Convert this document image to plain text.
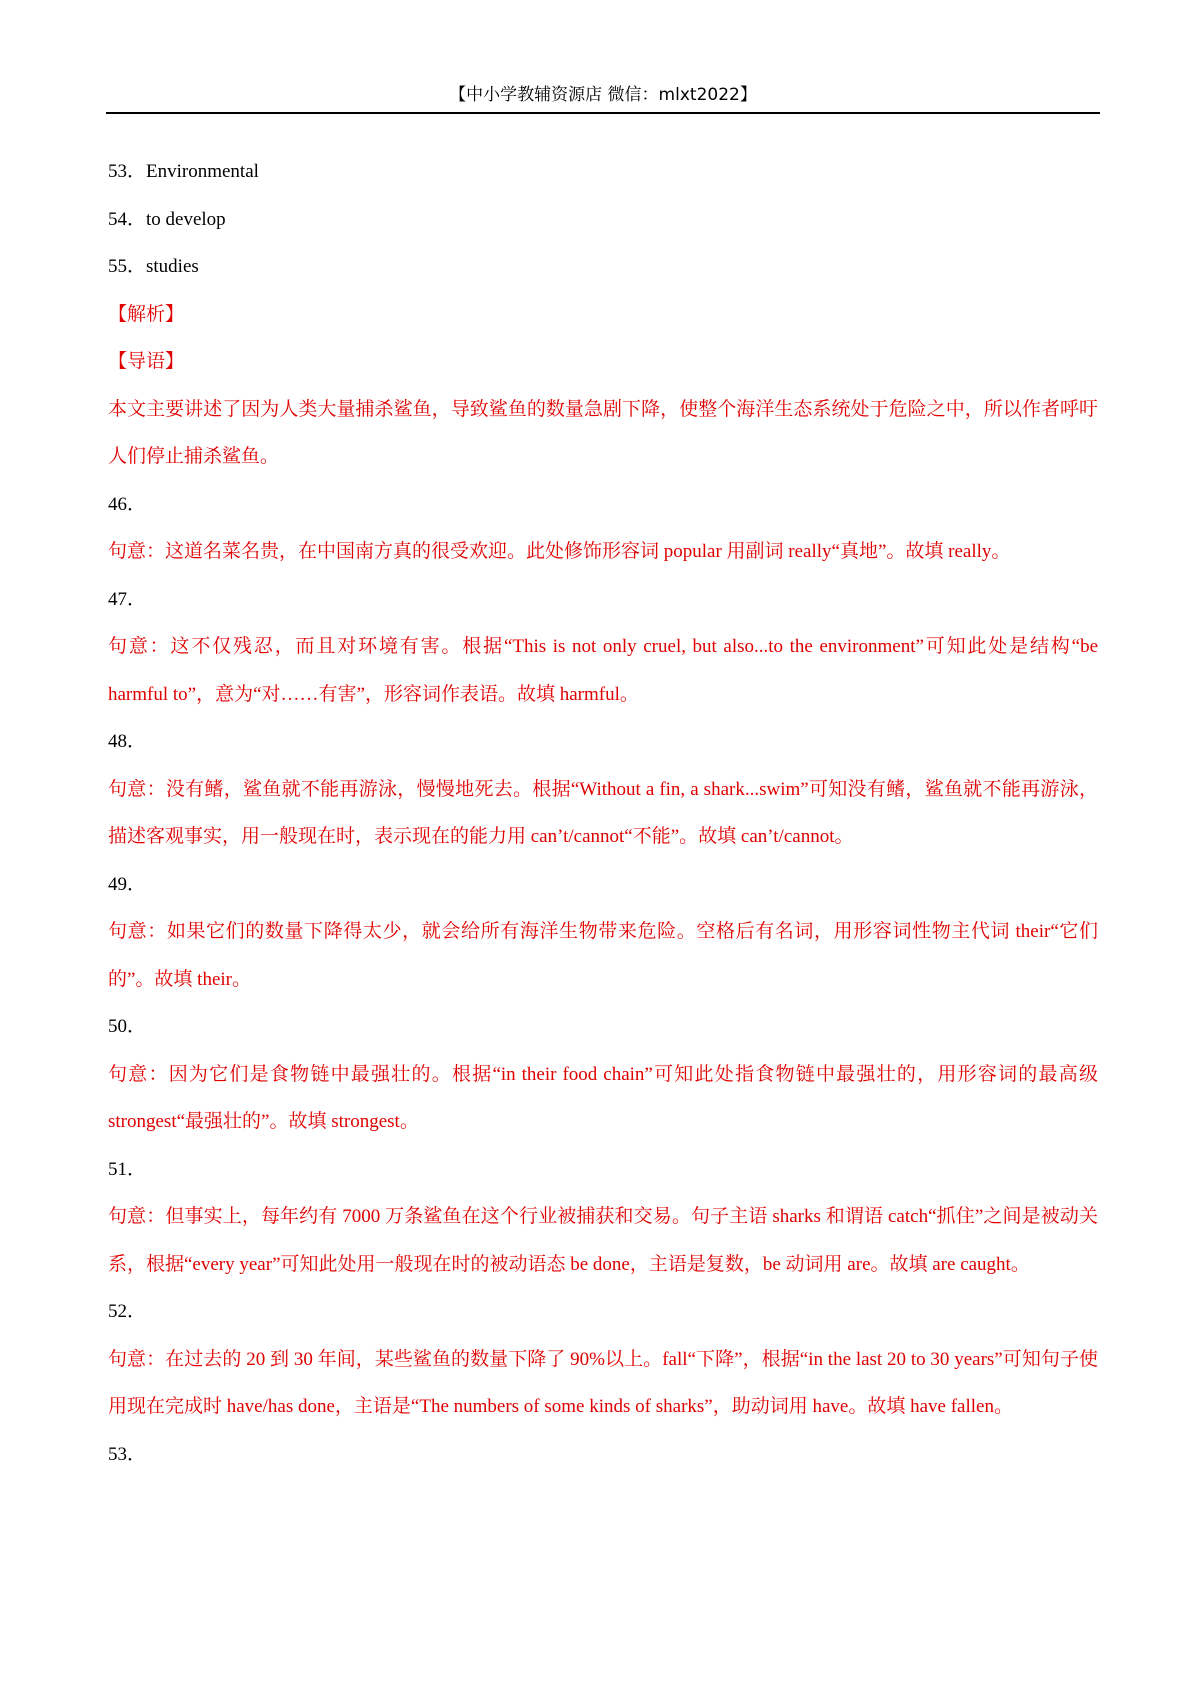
【中小学教辅资源店 微信：mlxt2022】
53．Environmental
54．to develop
55．studies
【解析】
【导语】
本文主要讲述了因为人类大量捕杀鲨鱼，导致鲨鱼的数量急剧下降，使整个海洋生态系统处于危险之中，所以作者呼吁人们停止捕杀鲨鱼。
46．
句意：这道名菜名贵，在中国南方真的很受欢迎。此处修饰形容词 popular 用副词 really“真地”。故填 really。
47．
句意：这不仅残忍，而且对环境有害。根据“This is not only cruel, but also...to the environment”可知此处是结构“be harmful to”，意为“对……有害”，形容词作表语。故填 harmful。
48．
句意：没有鳍，鲨鱼就不能再游泳，慢慢地死去。根据“Without a fin, a shark...swim”可知没有鳍，鲨鱼就不能再游泳，描述客观事实，用一般现在时，表示现在的能力用 can’t/cannot“不能”。故填 can’t/cannot。
49．
句意：如果它们的数量下降得太少，就会给所有海洋生物带来危险。空格后有名词，用形容词性物主代词 their“它们的”。故填 their。
50．
句意：因为它们是食物链中最强壮的。根据“in their food chain”可知此处指食物链中最强壮的，用形容词的最高级 strongest“最强壮的”。故填 strongest。
51．
句意：但事实上，每年约有 7000 万条鲨鱼在这个行业被捕获和交易。句子主语 sharks 和谓语 catch“抓住”之间是被动关系，根据“every year”可知此处用一般现在时的被动语态 be done，主语是复数，be 动词用 are。故填 are caught。
52．
句意：在过去的 20 到 30 年间，某些鲨鱼的数量下降了 90%以上。fall“下降”，根据“in the last 20 to 30 years”可知句子使用现在完成时 have/has done，主语是“The numbers of some kinds of sharks”，助动词用 have。故填 have fallen。
53．
